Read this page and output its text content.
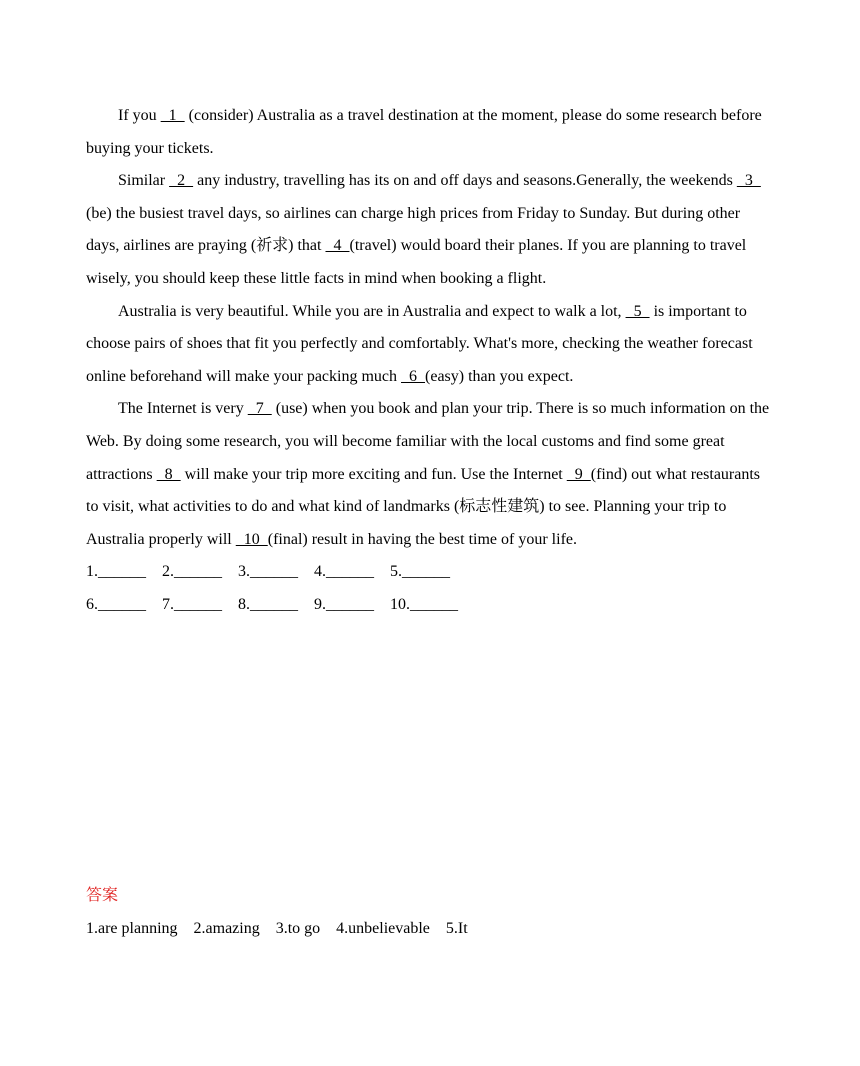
If you   1   (consider) Australia as a travel destination at the moment, please do some research before buying your tickets.

Similar   2   any industry, travelling has its on and off days and seasons.Generally, the weekends   3   (be) the busiest travel days, so airlines can charge high prices from Friday to Sunday. But during other days, airlines are praying (祈求) that   4  (travel) would board their planes. If you are planning to travel wisely, you should keep these little facts in mind when booking a flight.

Australia is very beautiful. While you are in Australia and expect to walk a lot,   5   is important to choose pairs of shoes that fit you perfectly and comfortably. What's more, checking the weather forecast online beforehand will make your packing much   6  (easy) than you expect.

The Internet is very   7   (use) when you book and plan your trip. There is so much information on the Web. By doing some research, you will become familiar with the local customs and find some great attractions   8   will make your trip more exciting and fun. Use the Internet   9  (find) out what restaurants to visit, what activities to do and what kind of landmarks (标志性建筑) to see. Planning your trip to Australia properly will   10  (final) result in having the best time of your life.

1.______    2.______    3.______    4.______    5.______

6.______    7.______    8.______    9.______    10.______

答案

1.are planning    2.amazing    3.to go    4.unbelievable    5.It
